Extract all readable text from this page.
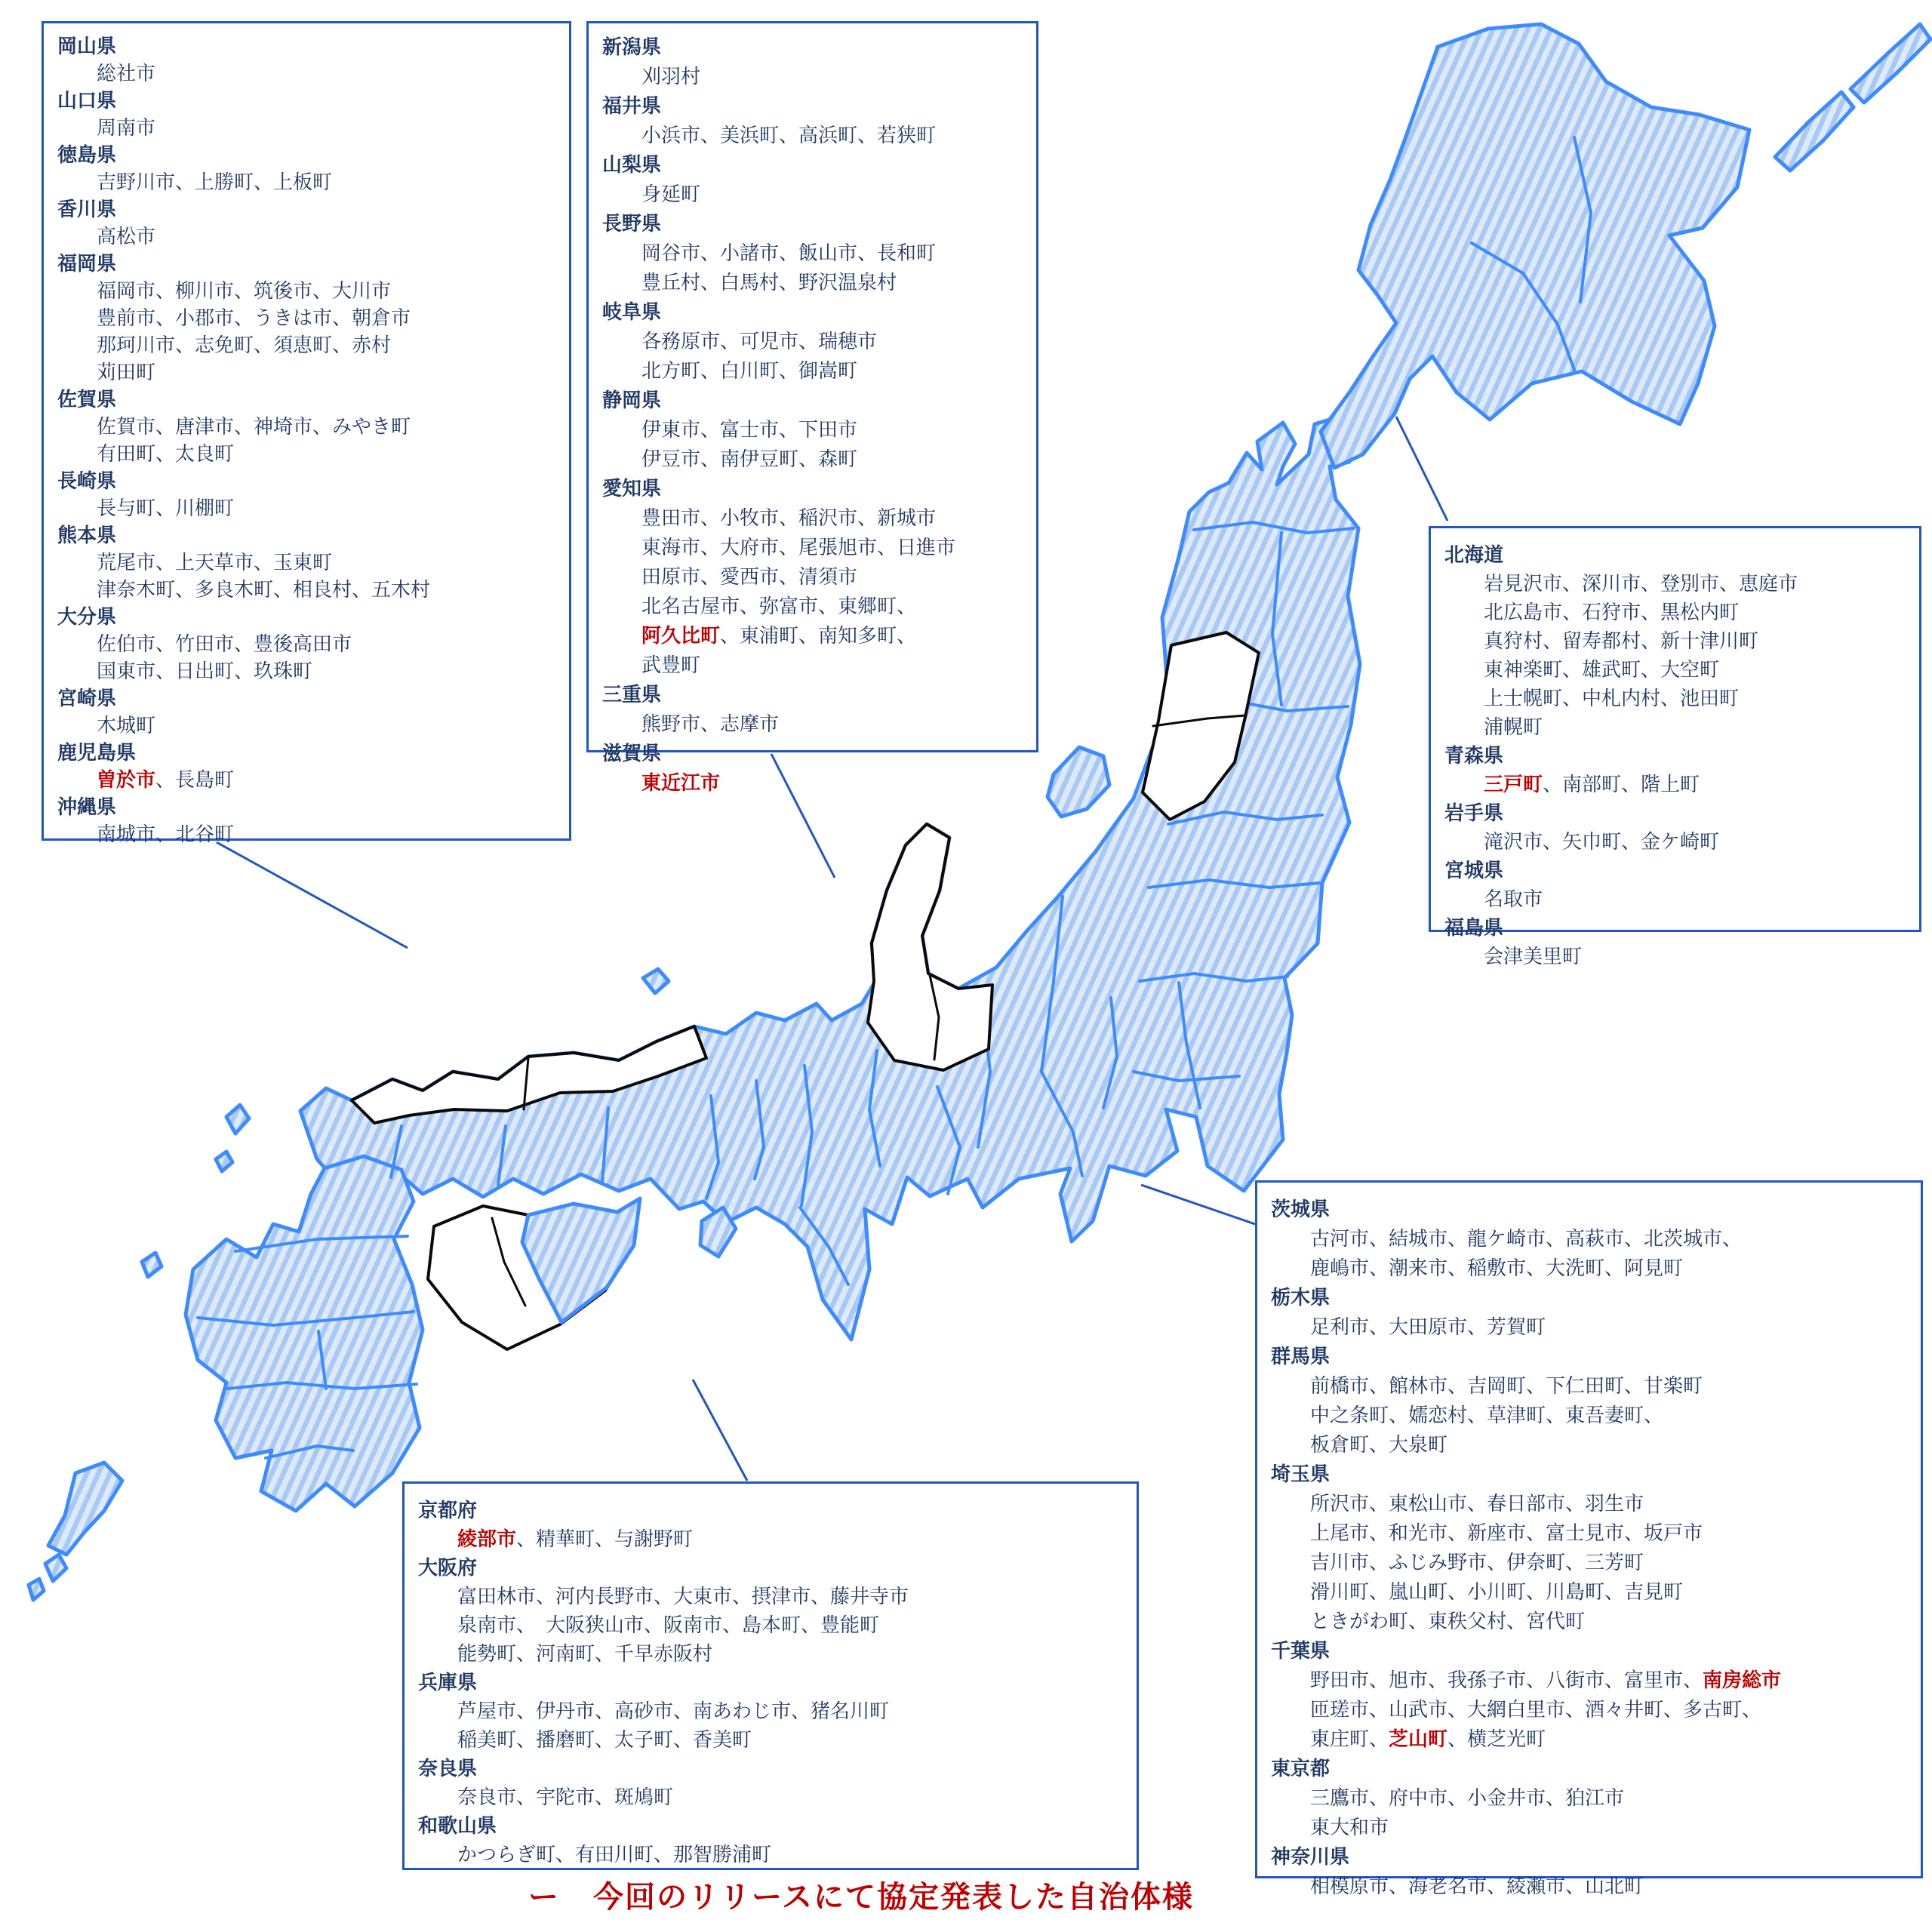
岡山県
総社市
山口県
周南市
徳島県
吉野川市、上勝町、上板町
香川県
高松市
福岡県
福岡市、柳川市、筑後市、大川市
豊前市、小郡市、うきは市、朝倉市
那珂川市、志免町、須恵町、赤村
苅田町
佐賀県
佐賀市、唐津市、神埼市、みやき町
有田町、太良町
長崎県
長与町、川棚町
熊本県
荒尾市、上天草市、玉東町
津奈木町、多良木町、相良村、五木村
大分県
佐伯市、竹田市、豊後高田市
国東市、日出町、玖珠町
宮崎県
木城町
鹿児島県
曽於市、長島町
沖縄県
南城市、北谷町
新潟県
刈羽村
福井県
小浜市、美浜町、高浜町、若狭町
山梨県
身延町
長野県
岡谷市、小諸市、飯山市、長和町
豊丘村、白馬村、野沢温泉村
岐阜県
各務原市、可児市、瑞穂市
北方町、白川町、御嵩町
静岡県
伊東市、富士市、下田市
伊豆市、南伊豆町、森町
愛知県
豊田市、小牧市、稲沢市、新城市
東海市、大府市、尾張旭市、日進市
田原市、愛西市、清須市
北名古屋市、弥富市、東郷町、
阿久比町、東浦町、南知多町、
武豊町
三重県
熊野市、志摩市
滋賀県
東近江市
北海道
岩見沢市、深川市、登別市、恵庭市
北広島市、石狩市、黒松内町
真狩村、留寿都村、新十津川町
東神楽町、雄武町、大空町
上士幌町、中札内村、池田町
浦幌町
青森県
三戸町、南部町、階上町
岩手県
滝沢市、矢巾町、金ケ崎町
宮城県
名取市
福島県
会津美里町
京都府
綾部市、精華町、与謝野町
大阪府
富田林市、河内長野市、大東市、摂津市、藤井寺市
泉南市、　大阪狭山市、阪南市、島本町、豊能町
能勢町、河南町、千早赤阪村
兵庫県
芦屋市、伊丹市、高砂市、南あわじ市、猪名川町
稲美町、播磨町、太子町、香美町
奈良県
奈良市、宇陀市、斑鳩町
和歌山県
かつらぎ町、有田川町、那智勝浦町
茨城県
古河市、結城市、龍ケ崎市、高萩市、北茨城市、
鹿嶋市、潮来市、稲敷市、大洗町、阿見町
栃木県
足利市、大田原市、芳賀町
群馬県
前橋市、館林市、吉岡町、下仁田町、甘楽町
中之条町、嬬恋村、草津町、東吾妻町、
板倉町、大泉町
埼玉県
所沢市、東松山市、春日部市、羽生市
上尾市、和光市、新座市、富士見市、坂戸市
吉川市、ふじみ野市、伊奈町、三芳町
滑川町、嵐山町、小川町、川島町、吉見町
ときがわ町、東秩父村、宮代町
千葉県
野田市、旭市、我孫子市、八街市、富里市、南房総市
匝瑳市、山武市、大網白里市、酒々井町、多古町、
東庄町、芝山町、横芝光町
東京都
三鷹市、府中市、小金井市、狛江市
東大和市
神奈川県
相模原市、海老名市、綾瀬市、山北町
ー 今回のリリースにて協定発表した自治体様
